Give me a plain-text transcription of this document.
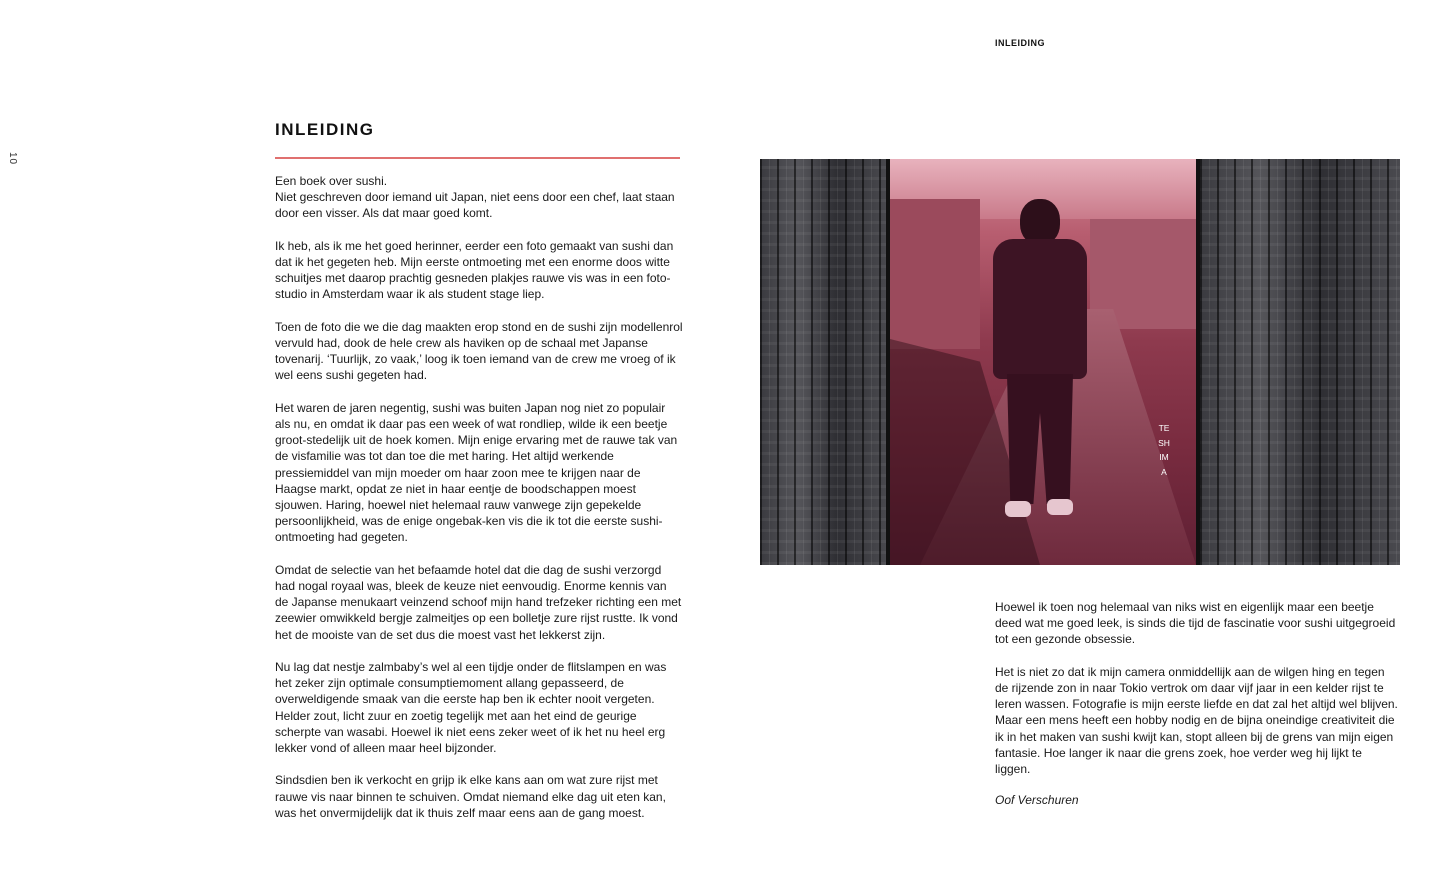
10
INLEIDING
INLEIDING

Een boek over sushi.
Niet geschreven door iemand uit Japan, niet eens door een chef, laat staan door een visser. Als dat maar goed komt.

Ik heb, als ik me het goed herinner, eerder een foto gemaakt van sushi dan dat ik het gegeten heb. Mijn eerste ontmoeting met een enorme doos witte schuitjes met daarop prachtig gesneden plakjes rauwe vis was in een foto-studio in Amsterdam waar ik als student stage liep.

Toen de foto die we die dag maakten erop stond en de sushi zijn modellenrol vervuld had, dook de hele crew als haviken op de schaal met Japanse tovenarij. ‘Tuurlijk, zo vaak,’ loog ik toen iemand van de crew me vroeg of ik wel eens sushi gegeten had.

Het waren de jaren negentig, sushi was buiten Japan nog niet zo populair als nu, en omdat ik daar pas een week of wat rondliep, wilde ik een beetje groot-stedelijk uit de hoek komen. Mijn enige ervaring met de rauwe tak van de visfamilie was tot dan toe die met haring. Het altijd werkende pressiemiddel van mijn moeder om haar zoon mee te krijgen naar de Haagse markt, opdat ze niet in haar eentje de boodschappen moest sjouwen. Haring, hoewel niet helemaal rauw vanwege zijn gepekelde persoonlijkheid, was de enige ongebak-ken vis die ik tot die eerste sushi-ontmoeting had gegeten.

Omdat de selectie van het befaamde hotel dat die dag de sushi verzorgd had nogal royaal was, bleek de keuze niet eenvoudig. Enorme kennis van de Japanse menukaart veinzend schoof mijn hand trefzeker richting een met zeewier omwikkeld bergje zalmeitjes op een bolletje zure rijst rustte. Ik vond het de mooiste van de set dus die moest vast het lekkerst zijn.

Nu lag dat nestje zalmbaby’s wel al een tijdje onder de flitslampen en was het zeker zijn optimale consumptiemoment allang gepasseerd, de overweldigende smaak van die eerste hap ben ik echter nooit vergeten. Helder zout, licht zuur en zoetig tegelijk met aan het eind de geurige scherpte van wasabi. Hoewel ik niet eens zeker weet of ik het nu heel erg lekker vond of alleen maar heel bijzonder.

Sindsdien ben ik verkocht en grijp ik elke kans aan om wat zure rijst met rauwe vis naar binnen te schuiven. Omdat niemand elke dag uit eten kan, was het onvermijdelijk dat ik thuis zelf maar eens aan de gang moest.

TESHIMA

Hoewel ik toen nog helemaal van niks wist en eigenlijk maar een beetje deed wat me goed leek, is sinds die tijd de fascinatie voor sushi uitgegroeid tot een gezonde obsessie.

Het is niet zo dat ik mijn camera onmiddellijk aan de wilgen hing en tegen de rijzende zon in naar Tokio vertrok om daar vijf jaar in een kelder rijst te leren wassen. Fotografie is mijn eerste liefde en dat zal het altijd wel blijven.
Maar een mens heeft een hobby nodig en de bijna oneindige creativiteit die ik in het maken van sushi kwijt kan, stopt alleen bij de grens van mijn eigen fantasie. Hoe langer ik naar die grens zoek, hoe verder weg hij lijkt te liggen.

Oof Verschuren
